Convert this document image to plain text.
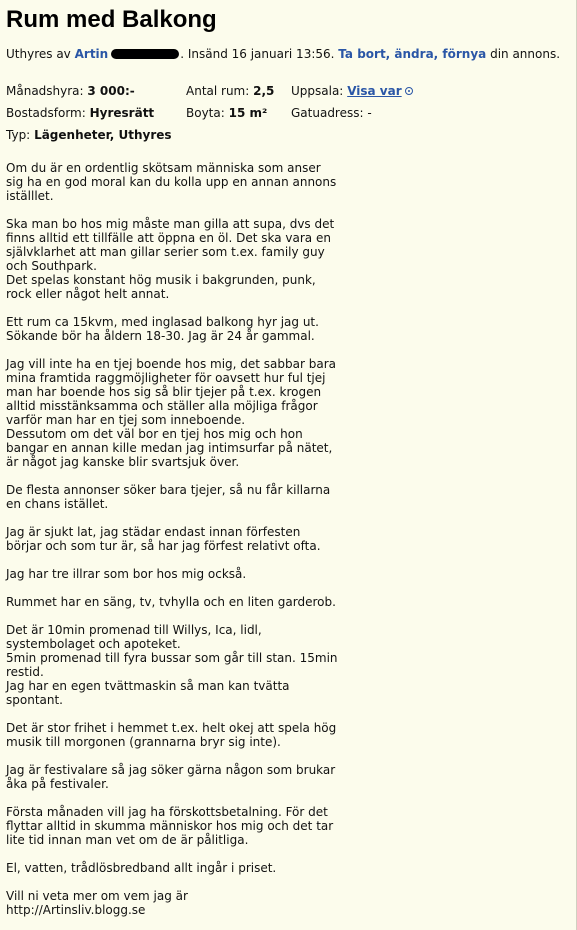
Rum med Balkong
Uthyres av Artin	. Insänd 16 januari 13:56. Ta bort, ändra, förnya din annons.
Månadshyra: 3 000:-	Antal rum: 2,5 Uppsala: Visa var
Bostadsform: Hyresrätt	Boyta: 15 m² Gatuadress: -
Typ: Lägenheter, Uthyres

Om du är en ordentlig skötsam människa som anser
sig ha en god moral kan du kolla upp en annan annons
iställlet.

Ska man bo hos mig måste man gilla att supa, dvs det
finns alltid ett tillfälle att öppna en öl. Det ska vara en
självklarhet att man gillar serier som t.ex. family guy
och Southpark.
Det spelas konstant hög musik i bakgrunden, punk,
rock eller något helt annat.

Ett rum ca 15kvm, med inglasad balkong hyr jag ut.
Sökande bör ha åldern 18-30. Jag är 24 år gammal.

Jag vill inte ha en tjej boende hos mig, det sabbar bara
mina framtida raggmöjligheter för oavsett hur ful tjej
man har boende hos sig så blir tjejer på t.ex. krogen
alltid misstänksamma och ställer alla möjliga frågor
varför man har en tjej som inneboende.
Dessutom om det väl bor en tjej hos mig och hon
bangar en annan kille medan jag intimsurfar på nätet,
är något jag kanske blir svartsjuk över.

De flesta annonser söker bara tjejer, så nu får killarna
en chans istället.

Jag är sjukt lat, jag städar endast innan förfesten
börjar och som tur är, så har jag förfest relativt ofta.

Jag har tre illrar som bor hos mig också.

Rummet har en säng, tv, tvhylla och en liten garderob.

Det är 10min promenad till Willys, Ica, lidl,
systembolaget och apoteket.
5min promenad till fyra bussar som går till stan. 15min
restid.
Jag har en egen tvättmaskin så man kan tvätta
spontant.

Det är stor frihet i hemmet t.ex. helt okej att spela hög
musik till morgonen (grannarna bryr sig inte).

Jag är festivalare så jag söker gärna någon som brukar
åka på festivaler.

Första månaden vill jag ha förskottsbetalning. För det
flyttar alltid in skumma människor hos mig och det tar
lite tid innan man vet om de är pålitliga.

El, vatten, trådlösbredband allt ingår i priset.

Vill ni veta mer om vem jag är
http://Artinsliv.blogg.se
